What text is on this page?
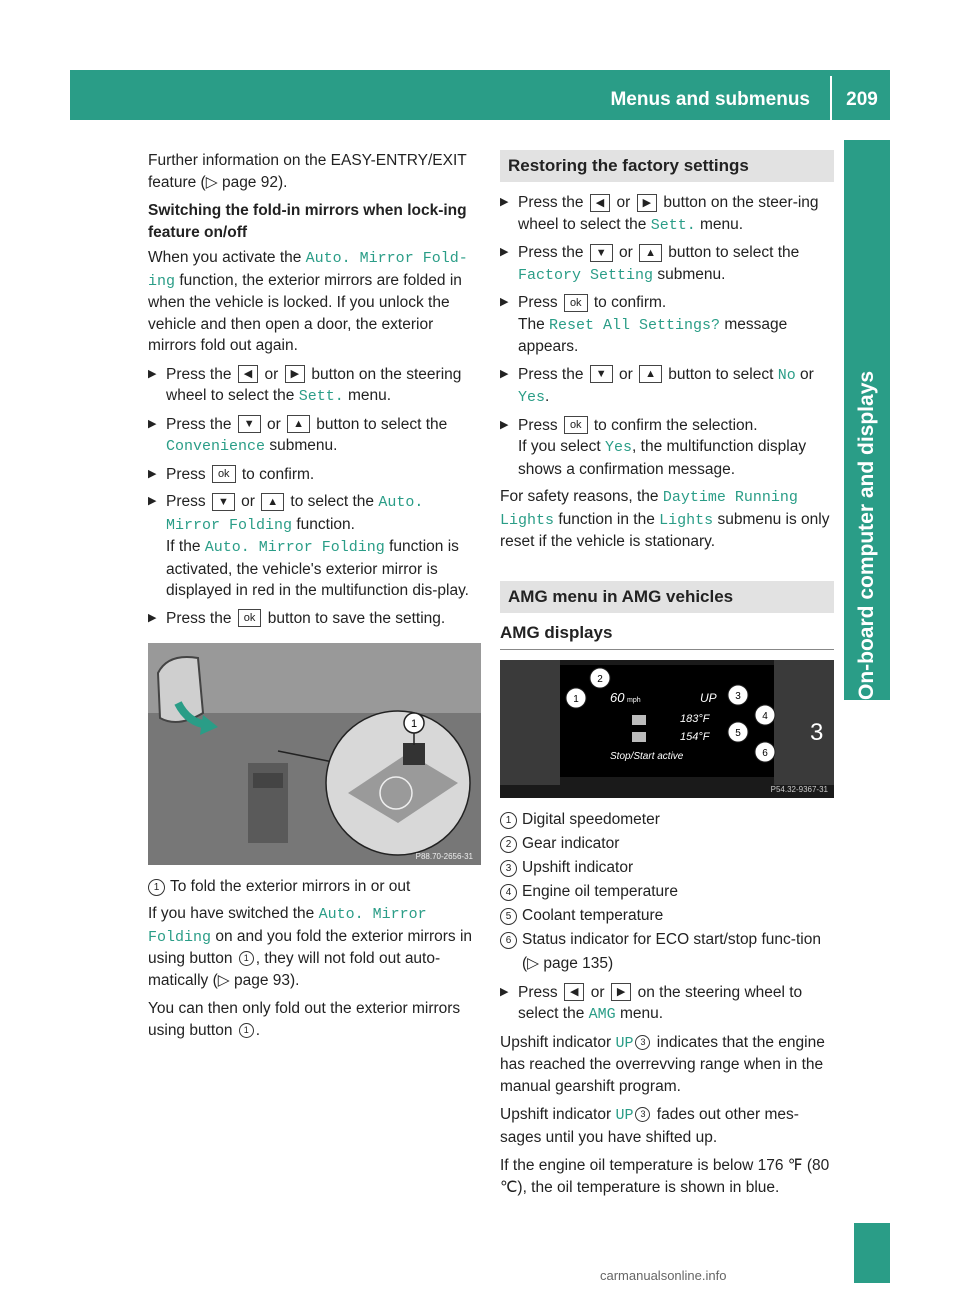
Menus and submenus	209
On-board computer and displays

Further information on the EASY-ENTRY/EXIT feature (▷ page 92).

Switching the fold-in mirrors when lock-ing feature on/off

When you activate the Auto. Mirror Fold-ing function, the exterior mirrors are folded in when the vehicle is locked. If you unlock the vehicle and then open a door, the exterior mirrors fold out again.

▶ Press the ◀ or ▶ button on the steering wheel to select the Sett. menu.
▶ Press the ▼ or ▲ button to select the Convenience submenu.
▶ Press ok to confirm.
▶ Press ▼ or ▲ to select the Auto. Mirror Folding function.
If the Auto. Mirror Folding function is activated, the vehicle's exterior mirror is displayed in red in the multifunction dis-play.
▶ Press the ok button to save the setting.
1
P88.70-2656-31
1 To fold the exterior mirrors in or out

If you have switched the Auto. Mirror Folding on and you fold the exterior mirrors in using button 1 , they will not fold out auto-matically (▷ page 93).

You can then only fold out the exterior mirrors using button 1 .

Restoring the factory settings
▶ Press the ◀ or ▶ button on the steer-ing wheel to select the Sett. menu.
▶ Press the ▼ or ▲ button to select the Factory Setting submenu.
▶ Press ok to confirm.
The Reset All Settings? message appears.
▶ Press the ▼ or ▲ button to select No or Yes.
▶ Press ok to confirm the selection.
If you select Yes, the multifunction display shows a confirmation message.

For safety reasons, the Daytime Running Lights function in the Lights submenu is only reset if the vehicle is stationary.

AMG menu in AMG vehicles
AMG displays
60 mph	UP
183°F
154°F
Stop/Start active
3
1
2
3
4
5
6
P54.32-9367-31
1 Digital speedometer
2 Gear indicator
3 Upshift indicator
4 Engine oil temperature
5 Coolant temperature
6 Status indicator for ECO start/stop func-tion (▷ page 135)
▶ Press ◀ or ▶ on the steering wheel to select the AMG menu.

Upshift indicator UP 3 indicates that the engine has reached the overrevving range when in the manual gearshift program.

Upshift indicator UP 3 fades out other mes-sages until you have shifted up.

If the engine oil temperature is below 176 ℉ (80 ℃), the oil temperature is shown in blue.

carmanualsonline.info
